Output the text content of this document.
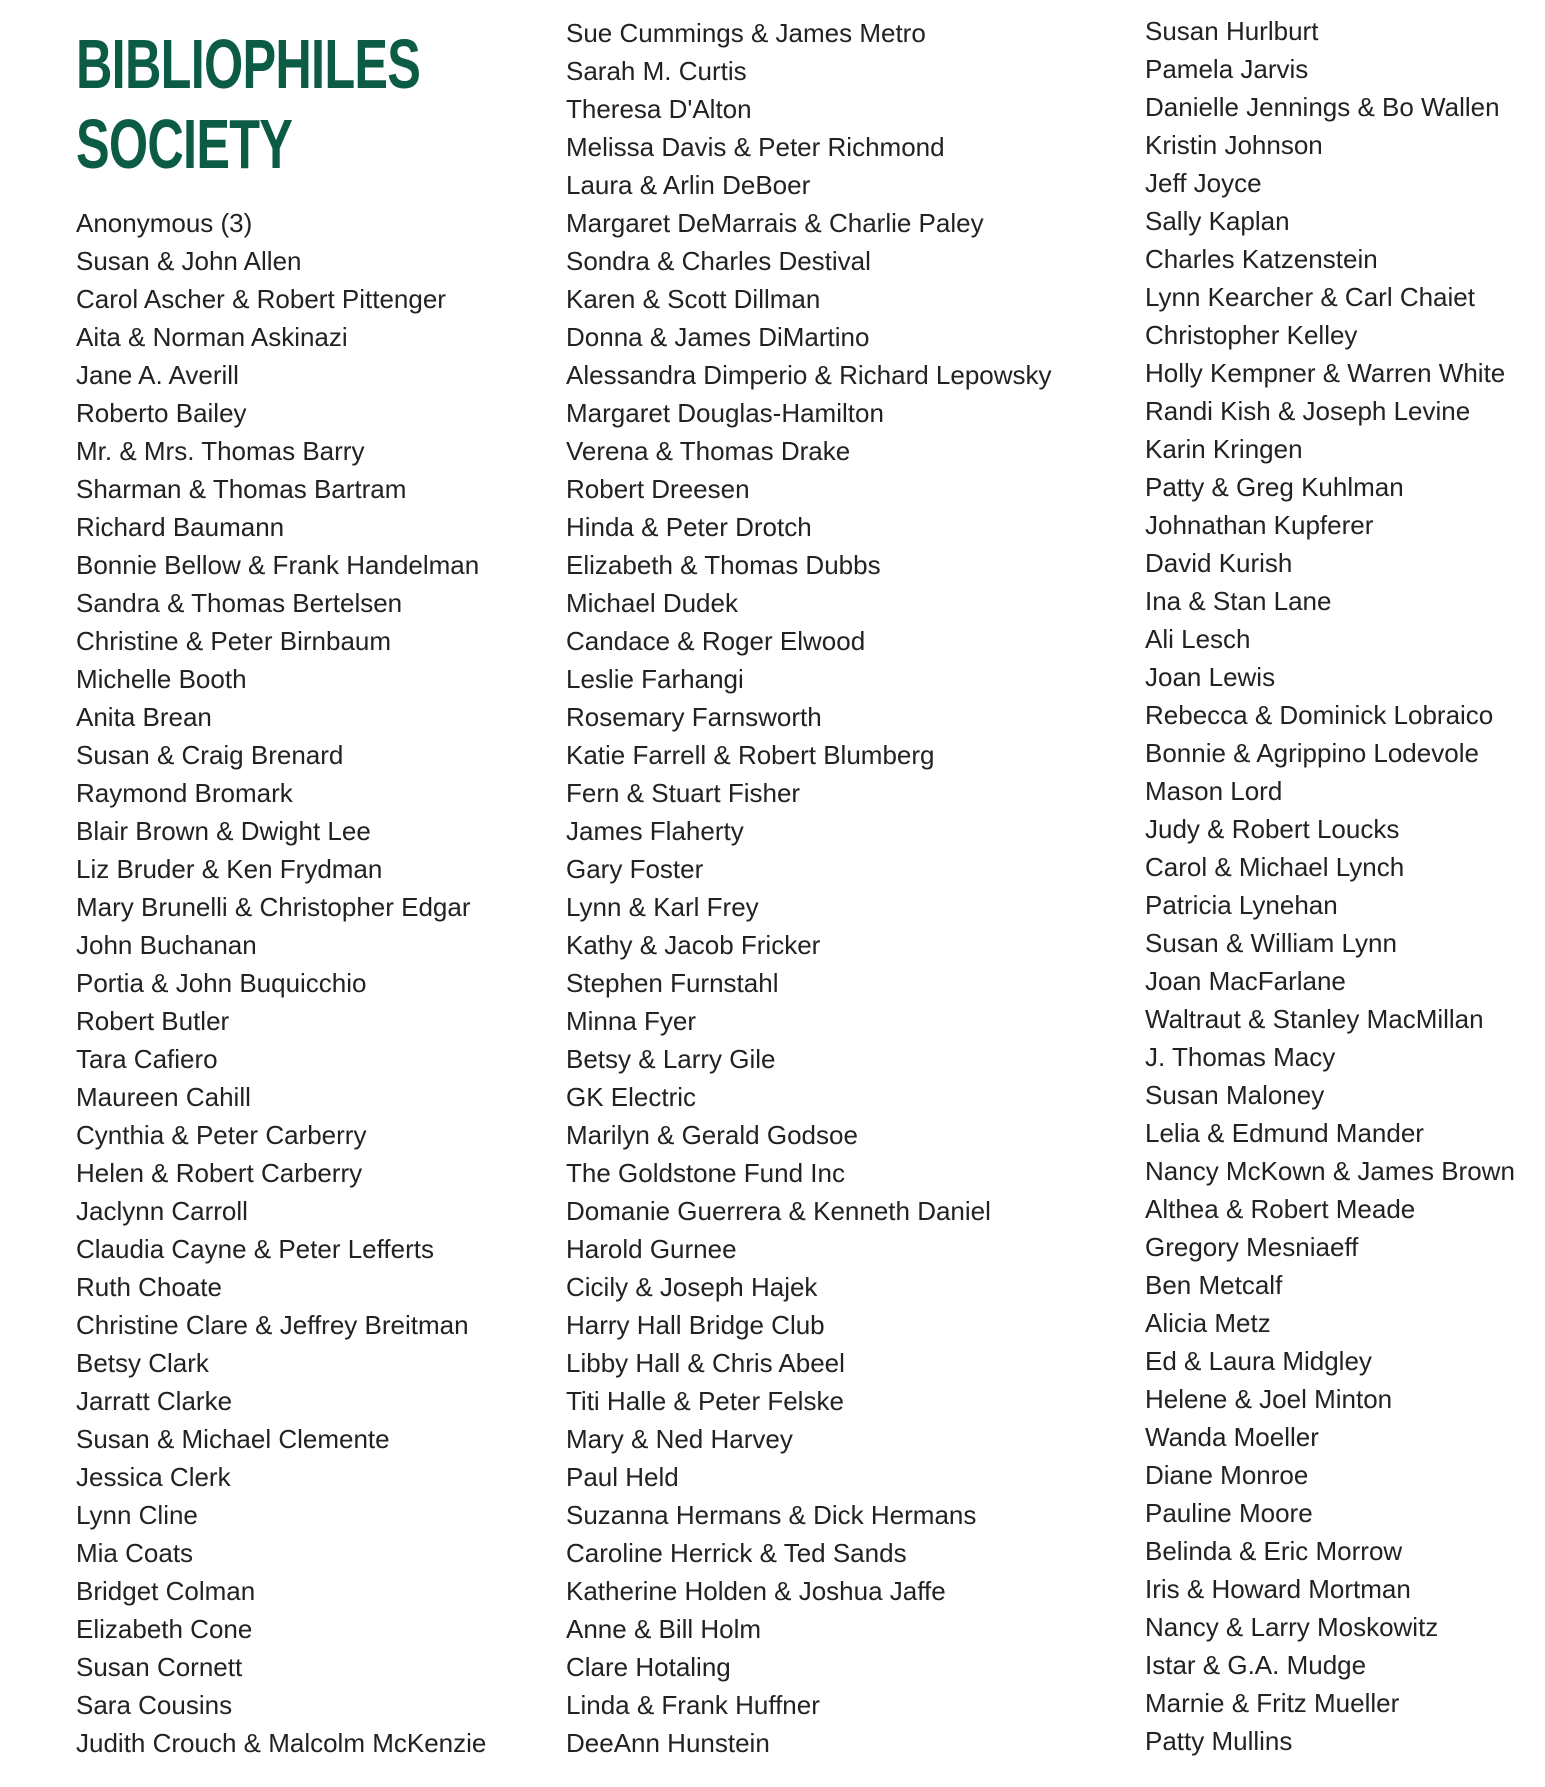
BIBLIOPHILES
SOCIETY
Anonymous (3)
Susan & John Allen
Carol Ascher & Robert Pittenger
Aita & Norman Askinazi
Jane A. Averill
Roberto Bailey
Mr. & Mrs. Thomas Barry
Sharman & Thomas Bartram
Richard Baumann
Bonnie Bellow & Frank Handelman
Sandra & Thomas Bertelsen
Christine & Peter Birnbaum
Michelle Booth
Anita Brean
Susan & Craig Brenard
Raymond Bromark
Blair Brown & Dwight Lee
Liz Bruder & Ken Frydman
Mary Brunelli & Christopher Edgar
John Buchanan
Portia & John Buquicchio
Robert Butler
Tara Cafiero
Maureen Cahill
Cynthia & Peter Carberry
Helen & Robert Carberry
Jaclynn Carroll
Claudia Cayne & Peter Lefferts
Ruth Choate
Christine Clare & Jeffrey Breitman
Betsy Clark
Jarratt Clarke
Susan & Michael Clemente
Jessica Clerk
Lynn Cline
Mia Coats
Bridget Colman
Elizabeth Cone
Susan Cornett
Sara Cousins
Judith Crouch & Malcolm McKenzie
Sue Cummings & James Metro
Sarah M. Curtis
Theresa D'Alton
Melissa Davis & Peter Richmond
Laura & Arlin DeBoer
Margaret DeMarrais & Charlie Paley
Sondra & Charles Destival
Karen & Scott Dillman
Donna & James DiMartino
Alessandra Dimperio & Richard Lepowsky
Margaret Douglas-Hamilton
Verena & Thomas Drake
Robert Dreesen
Hinda & Peter Drotch
Elizabeth & Thomas Dubbs
Michael Dudek
Candace & Roger Elwood
Leslie Farhangi
Rosemary Farnsworth
Katie Farrell & Robert Blumberg
Fern & Stuart Fisher
James Flaherty
Gary Foster
Lynn & Karl Frey
Kathy & Jacob Fricker
Stephen Furnstahl
Minna Fyer
Betsy & Larry Gile
GK Electric
Marilyn & Gerald Godsoe
The Goldstone Fund Inc
Domanie Guerrera & Kenneth Daniel
Harold Gurnee
Cicily & Joseph Hajek
Harry Hall Bridge Club
Libby Hall & Chris Abeel
Titi Halle & Peter Felske
Mary & Ned Harvey
Paul Held
Suzanna Hermans & Dick Hermans
Caroline Herrick & Ted Sands
Katherine Holden & Joshua Jaffe
Anne & Bill Holm
Clare Hotaling
Linda & Frank Huffner
DeeAnn Hunstein
Susan Hurlburt
Pamela Jarvis
Danielle Jennings & Bo Wallen
Kristin Johnson
Jeff Joyce
Sally Kaplan
Charles Katzenstein
Lynn Kearcher & Carl Chaiet
Christopher Kelley
Holly Kempner & Warren White
Randi Kish & Joseph Levine
Karin Kringen
Patty & Greg Kuhlman
Johnathan Kupferer
David Kurish
Ina & Stan Lane
Ali Lesch
Joan Lewis
Rebecca & Dominick Lobraico
Bonnie & Agrippino Lodevole
Mason Lord
Judy & Robert Loucks
Carol & Michael Lynch
Patricia Lynehan
Susan & William Lynn
Joan MacFarlane
Waltraut & Stanley MacMillan
J. Thomas Macy
Susan Maloney
Lelia & Edmund Mander
Nancy McKown & James Brown
Althea & Robert Meade
Gregory Mesniaeff
Ben Metcalf
Alicia Metz
Ed & Laura Midgley
Helene & Joel Minton
Wanda Moeller
Diane Monroe
Pauline Moore
Belinda & Eric Morrow
Iris & Howard Mortman
Nancy & Larry Moskowitz
Istar & G.A. Mudge
Marnie & Fritz Mueller
Patty Mullins
